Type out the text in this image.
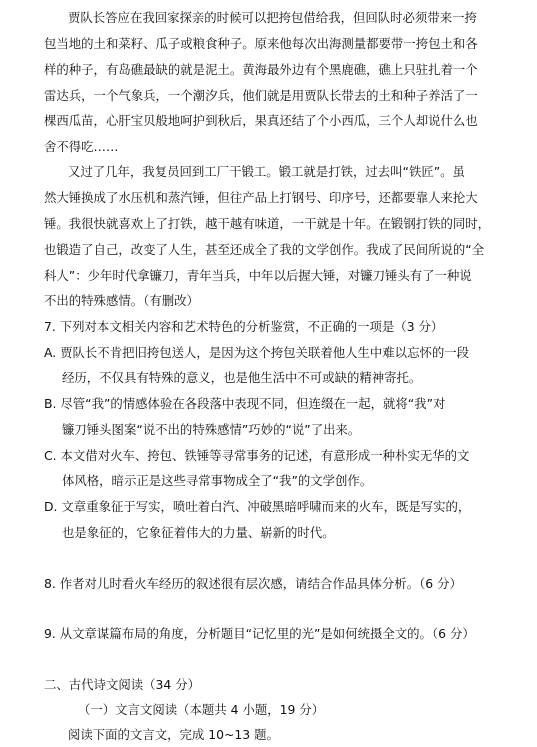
贾队长答应在我回家探亲的时候可以把挎包借给我，但回队时必须带来一挎
包当地的土和菜籽、瓜子或粮食种子。原来他每次出海测量都要带一挎包土和各
样的种子，有岛礁最缺的就是泥土。黄海最外边有个黑鹿礁，礁上只驻扎着一个
雷达兵，一个气象兵，一个潮汐兵，他们就是用贾队长带去的土和种子养活了一
棵西瓜苗，心肝宝贝般地呵护到秋后，果真还结了个小西瓜，三个人却说什么也
舍不得吃……
又过了几年，我复员回到工厂干锻工。锻工就是打铁，过去叫“铁匠”。虽
然大锤换成了水压机和蒸汽锤，但往产品上打钢号、印序号，还都要靠人来抡大
锤。我很快就喜欢上了打铁，越干越有味道，一干就是十年。在锻钢打铁的同时，
也锻造了自己，改变了人生，甚至还成全了我的文学创作。我成了民间所说的“全
科人”：少年时代拿镰刀，青年当兵，中年以后握大锤，对镰刀锤头有了一种说
不出的特殊感情。（有删改）
7. 下列对本文相关内容和艺术特色的分析鉴赏，不正确的一项是（3 分）
A. 贾队长不肯把旧挎包送人，是因为这个挎包关联着他人生中难以忘怀的一段
经历，不仅具有特殊的意义，也是他生活中不可或缺的精神寄托。
B. 尽管“我”的情感体验在各段落中表现不同，但连缀在一起，就将“我”对
镰刀锤头图案“说不出的特殊感情”巧妙的“说”了出来。
C. 本文借对火车、挎包、铁锤等寻常事务的记述，有意形成一种朴实无华的文
体风格，暗示正是这些寻常事物成全了“我”的文学创作。
D. 文章重象征于写实，喷吐着白汽、冲破黑暗呼啸而来的火车，既是写实的，
也是象征的，它象征着伟大的力量、崭新的时代。
8. 作者对儿时看火车经历的叙述很有层次感，请结合作品具体分析。（6 分）
9. 从文章谋篇布局的角度，分析题目“记忆里的光”是如何统摄全文的。（6 分）
二、古代诗文阅读（34 分）
（一）文言文阅读（本题共 4 小题，19 分）
阅读下面的文言文，完成 10~13 题。
